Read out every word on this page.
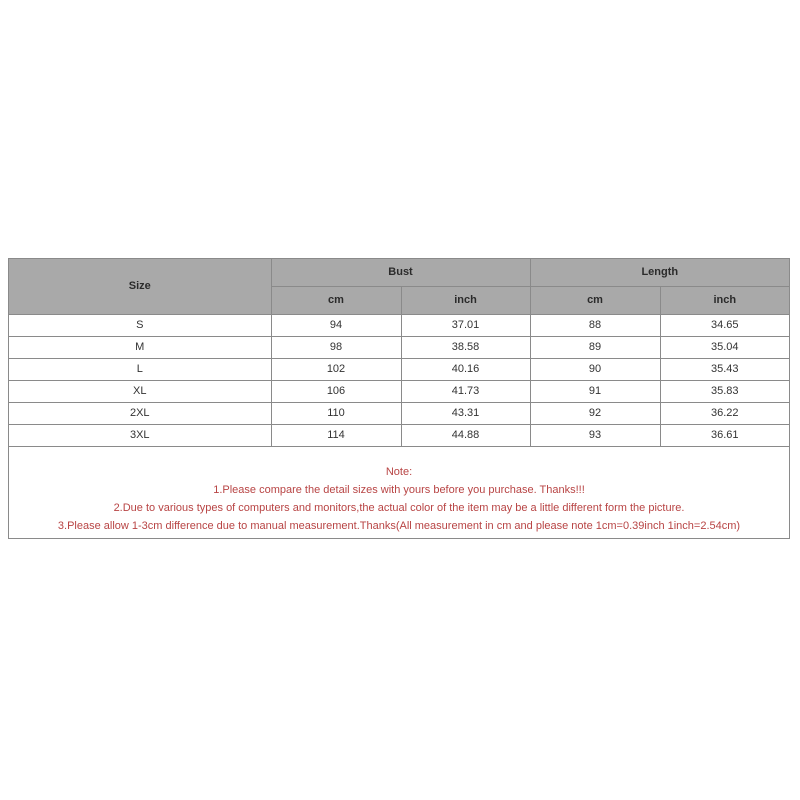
Size	Bust		Length	
	cm	inch	cm	inch
S	94	37.01	88	34.65
M	98	38.58	89	35.04
L	102	40.16	90	35.43
XL	106	41.73	91	35.83
2XL	110	43.31	92	36.22
3XL	114	44.88	93	36.61
Note:
1.Please compare the detail sizes with yours before you purchase. Thanks!!!
2.Due to various types of computers and monitors,the actual color of the item may be a little different form the picture.
3.Please allow 1-3cm difference due to manual measurement.Thanks(All measurement in cm and please note 1cm=0.39inch 1inch=2.54cm)
